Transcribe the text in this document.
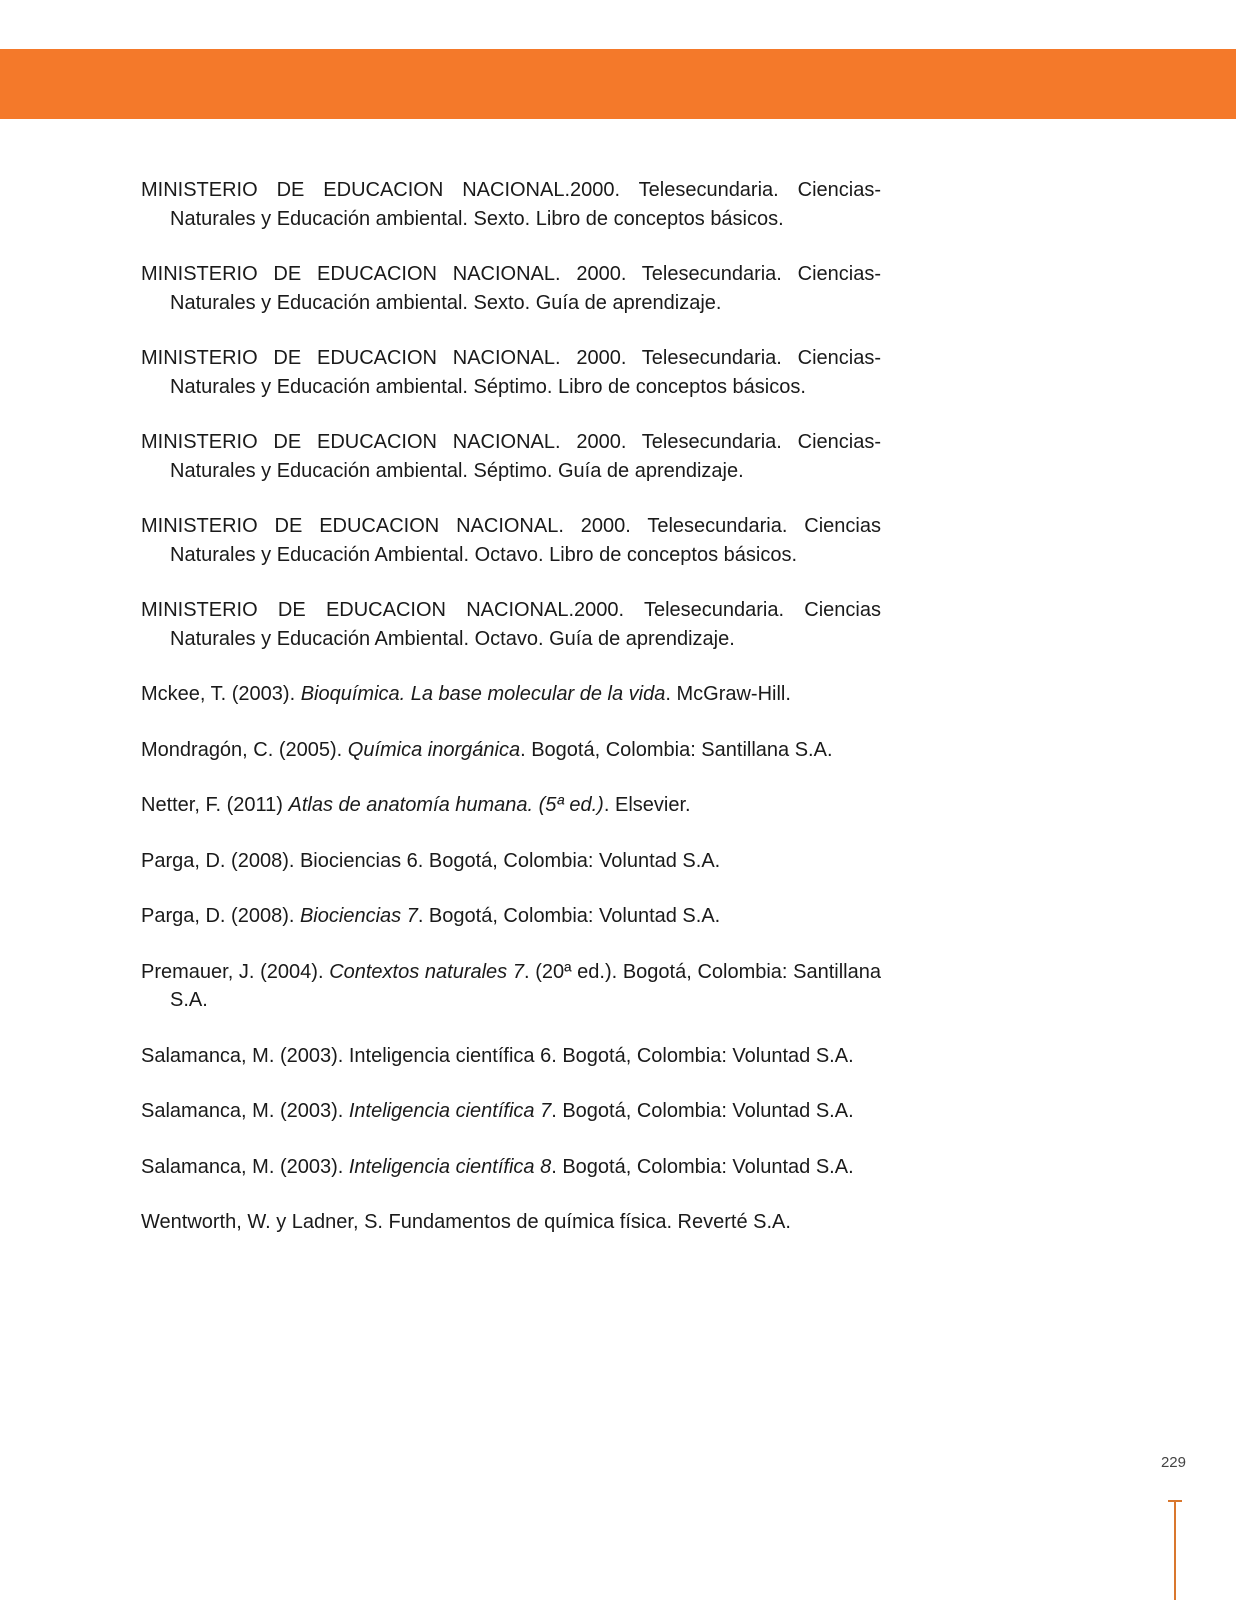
MINISTERIO DE EDUCACION NACIONAL.2000. Telesecundaria. Ciencias-Naturales y Educación ambiental. Sexto. Libro de conceptos básicos.
MINISTERIO DE EDUCACION NACIONAL. 2000. Telesecundaria. Ciencias-Naturales y Educación ambiental. Sexto. Guía de aprendizaje.
MINISTERIO DE EDUCACION NACIONAL. 2000. Telesecundaria. Ciencias-Naturales y Educación ambiental. Séptimo. Libro de conceptos básicos.
MINISTERIO DE EDUCACION NACIONAL. 2000. Telesecundaria. Ciencias-Naturales y Educación ambiental. Séptimo. Guía de aprendizaje.
MINISTERIO DE EDUCACION NACIONAL. 2000. Telesecundaria. Ciencias Naturales y Educación Ambiental. Octavo. Libro de conceptos básicos.
MINISTERIO DE EDUCACION NACIONAL.2000. Telesecundaria. Ciencias Naturales y Educación Ambiental. Octavo. Guía de aprendizaje.
Mckee, T. (2003). Bioquímica. La base molecular de la vida. McGraw-Hill.
Mondragón, C. (2005). Química inorgánica. Bogotá, Colombia: Santillana S.A.
Netter, F. (2011) Atlas de anatomía humana. (5ª ed.). Elsevier.
Parga, D. (2008). Biociencias 6. Bogotá, Colombia: Voluntad S.A.
Parga, D. (2008). Biociencias 7. Bogotá, Colombia: Voluntad S.A.
Premauer, J. (2004). Contextos naturales 7. (20ª ed.). Bogotá, Colombia: Santillana S.A.
Salamanca, M. (2003). Inteligencia científica 6. Bogotá, Colombia: Voluntad S.A.
Salamanca, M. (2003). Inteligencia científica 7. Bogotá, Colombia: Voluntad S.A.
Salamanca, M. (2003). Inteligencia científica 8. Bogotá, Colombia: Voluntad S.A.
Wentworth, W. y Ladner, S. Fundamentos de química física. Reverté S.A.
229
